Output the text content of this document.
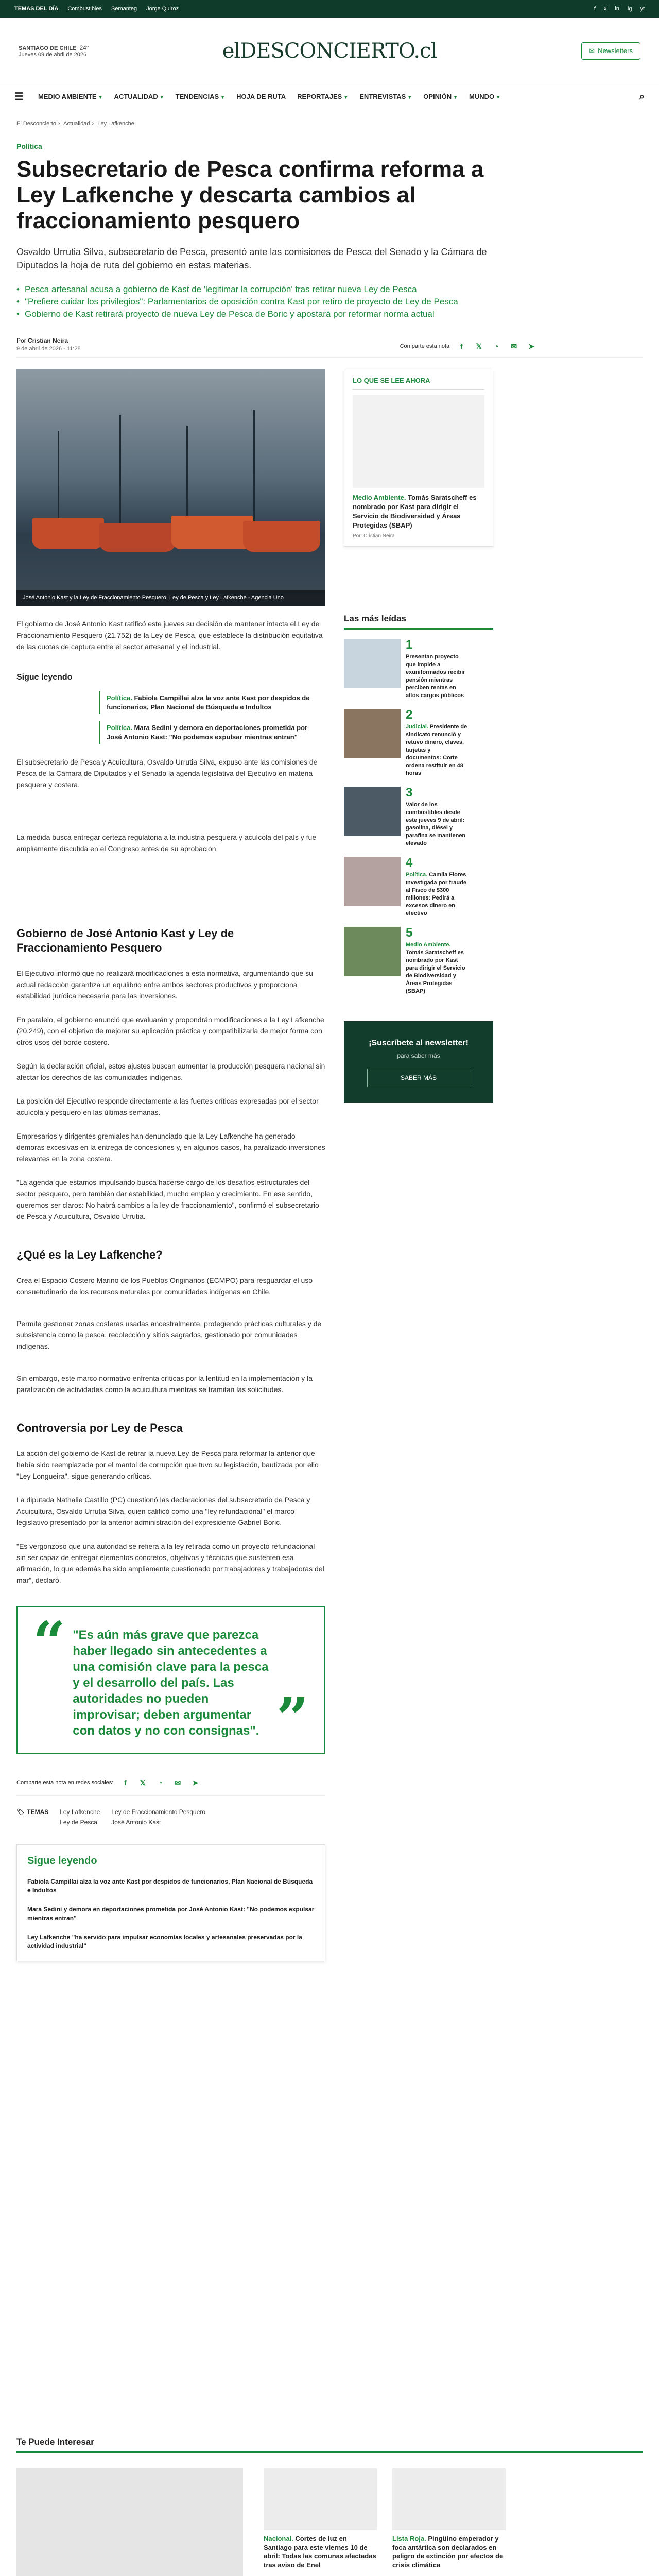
TEMAS DEL DÍA Combustibles Semanteg Jorge Quiroz	f x in ig yt
SANTIAGO DE CHILE 24°
Jueves 09 de abril de 2026	elDESCONCIERTO.cl	✉ Newsletters
☰ MEDIO AMBIENTE ▼ ACTUALIDAD ▼ TENDENCIAS ▼ HOJA DE RUTA REPORTAJES ▼ ENTREVISTAS ▼ OPINIÓN ▼ MUNDO ▼	⌕
El Desconcierto › Actualidad › Ley Lafkenche
Política
Subsecretario de Pesca confirma reforma a Ley Lafkenche y descarta cambios al fraccionamiento pesquero

Osvaldo Urrutia Silva, subsecretario de Pesca, presentó ante las comisiones de Pesca del Senado y la Cámara de Diputados la hoja de ruta del gobierno en estas materias.

• Pesca artesanal acusa a gobierno de Kast de 'legitimar la corrupción' tras retirar nueva Ley de Pesca
• "Prefiere cuidar los privilegios": Parlamentarios de oposición contra Kast por retiro de proyecto de Ley de Pesca
• Gobierno de Kast retirará proyecto de nueva Ley de Pesca de Boric y apostará por reformar norma actual
Por Cristian Neira
9 de abril de 2026 - 11:28	Comparte esta nota	f	𝕏	◔	✉	➤
José Antonio Kast y la Ley de Fraccionamiento Pesquero. Ley de Pesca y Ley Lafkenche - Agencia Uno

El gobierno de José Antonio Kast ratificó este jueves su decisión de mantener intacta el Ley de Fraccionamiento Pesquero (21.752) de la Ley de Pesca, que establece la distribución equitativa de las cuotas de captura entre el sector artesanal y el industrial.

Sigue leyendo
Política. Fabiola Campillai alza la voz ante Kast por despidos de funcionarios, Plan Nacional de Búsqueda e Indultos
Política. Mara Sedini y demora en deportaciones prometida por José Antonio Kast: "No podemos expulsar mientras entran"

El subsecretario de Pesca y Acuicultura, Osvaldo Urrutia Silva, expuso ante las comisiones de Pesca de la Cámara de Diputados y el Senado la agenda legislativa del Ejecutivo en materia pesquera y costera.

La medida busca entregar certeza regulatoria a la industria pesquera y acuícola del país y fue ampliamente discutida en el Congreso antes de su aprobación.

Gobierno de José Antonio Kast y Ley de Fraccionamiento Pesquero

El Ejecutivo informó que no realizará modificaciones a esta normativa, argumentando que su actual redacción garantiza un equilibrio entre ambos sectores productivos y proporciona estabilidad jurídica necesaria para las inversiones.

En paralelo, el gobierno anunció que evaluarán y propondrán modificaciones a la Ley Lafkenche (20.249), con el objetivo de mejorar su aplicación práctica y compatibilizarla de mejor forma con otros usos del borde costero.

Según la declaración oficial, estos ajustes buscan aumentar la producción pesquera nacional sin afectar los derechos de las comunidades indígenas.

La posición del Ejecutivo responde directamente a las fuertes críticas expresadas por el sector acuícola y pesquero en las últimas semanas.

Empresarios y dirigentes gremiales han denunciado que la Ley Lafkenche ha generado demoras excesivas en la entrega de concesiones y, en algunos casos, ha paralizado inversiones relevantes en la zona costera.

"La agenda que estamos impulsando busca hacerse cargo de los desafíos estructurales del sector pesquero, pero también dar estabilidad, mucho empleo y crecimiento. En ese sentido, queremos ser claros: No habrá cambios a la ley de fraccionamiento", confirmó el subsecretario de Pesca y Acuicultura, Osvaldo Urrutia.

¿Qué es la Ley Lafkenche?

Crea el Espacio Costero Marino de los Pueblos Originarios (ECMPO) para resguardar el uso consuetudinario de los recursos naturales por comunidades indígenas en Chile.

Permite gestionar zonas costeras usadas ancestralmente, protegiendo prácticas culturales y de subsistencia como la pesca, recolección y sitios sagrados, gestionado por comunidades indígenas.

Sin embargo, este marco normativo enfrenta críticas por la lentitud en la implementación y la paralización de actividades como la acuicultura mientras se tramitan las solicitudes.

Controversia por Ley de Pesca

La acción del gobierno de Kast de retirar la nueva Ley de Pesca para reformar la anterior que había sido reemplazada por el mantol de corrupción que tuvo su legislación, bautizada por ello "Ley Longueira", sigue generando críticas.

La diputada Nathalie Castillo (PC) cuestionó las declaraciones del subsecretario de Pesca y Acuicultura, Osvaldo Urrutia Silva, quien calificó como una "ley refundacional" el marco legislativo presentado por la anterior administración del expresidente Gabriel Boric.

"Es vergonzoso que una autoridad se refiera a la ley retirada como un proyecto refundacional sin ser capaz de entregar elementos concretos, objetivos y técnicos que sustenten esa afirmación, lo que además ha sido ampliamente cuestionado por trabajadores y trabajadoras del mar", declaró.

“ "Es aún más grave que parezca haber llegado sin antecedentes a una comisión clave para la pesca y el desarrollo del país. Las autoridades no pueden improvisar; deben argumentar con datos y no con consignas". ”
Comparte esta nota en redes sociales:	f	𝕏	◔	✉	➤
🏷 TEMAS Ley Lafkenche
Ley de Pesca
Ley de Fraccionamiento Pesquero
José Antonio Kast
Sigue leyendo
Fabiola Campillai alza la voz ante Kast por despidos de funcionarios, Plan Nacional de Búsqueda e Indultos
Mara Sedini y demora en deportaciones prometida por José Antonio Kast: "No podemos expulsar mientras entran"
Ley Lafkenche "ha servido para impulsar economías locales y artesanales preservadas por la actividad industrial"
LO QUE SE LEE AHORA
Medio Ambiente. Tomás Saratscheff es nombrado por Kast para dirigir el Servicio de Biodiversidad y Áreas Protegidas (SBAP)
Por: Cristian Neira
Las más leídas
1
Presentan proyecto que impide a exuniformados recibir pensión mientras perciben rentas en altos cargos públicos
2
Judicial. Presidente de sindicato renunció y retuvo dinero, claves, tarjetas y documentos: Corte ordena restituir en 48 horas
3
Valor de los combustibles desde este jueves 9 de abril: gasolina, diésel y parafina se mantienen elevado
4
Política. Camila Flores investigada por fraude al Fisco de $300 millones: Pedirá a excesos dinero en efectivo
5
Medio Ambiente. Tomás Saratscheff es nombrado por Kast para dirigir el Servicio de Biodiversidad y Áreas Protegidas (SBAP)
¡Suscríbete al newsletter!
para saber más
SABER MÁS
Te Puede Interesar
Nacional. Cortes de luz en Santiago para este viernes 10 de abril: Todas las comunas afectadas tras aviso de Enel
Lista Roja. Pingüino emperador y foca antártica son declarados en peligro de extinción por efectos de crisis climática
